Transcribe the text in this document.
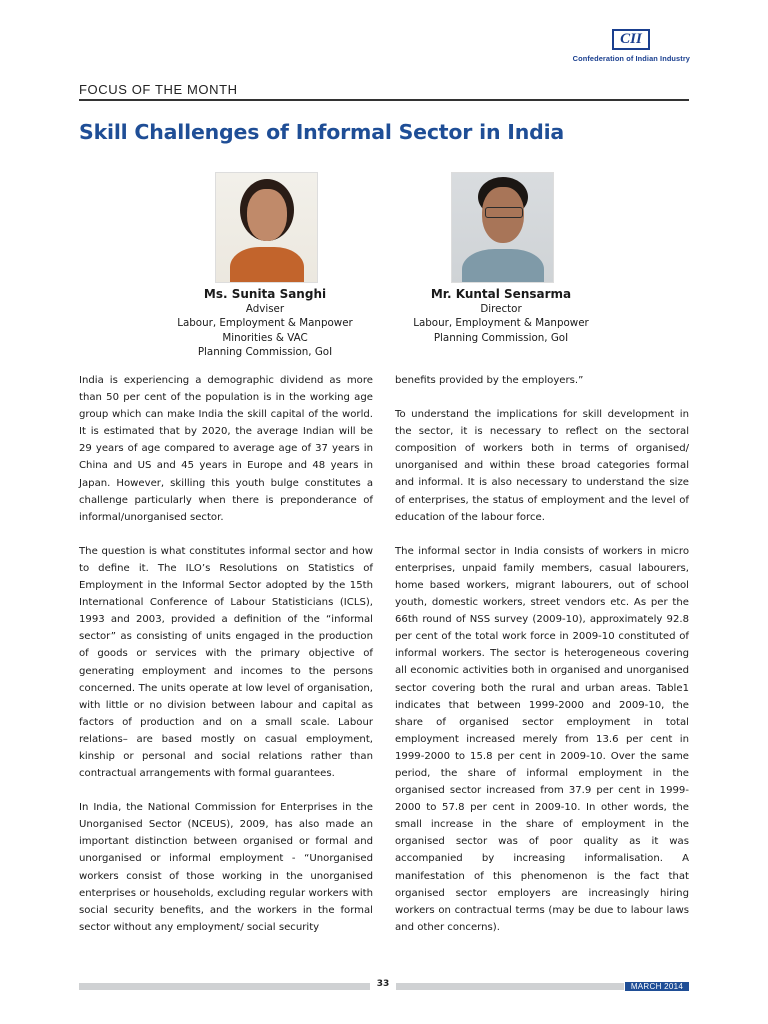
CII
Confederation of Indian Industry
FOCUS OF THE MONTH
Skill Challenges of Informal Sector in India
Ms. Sunita Sanghi
Adviser
Labour, Employment & Manpower
Minorities & VAC
Planning Commission, GoI
Mr. Kuntal Sensarma
Director
Labour, Employment & Manpower
Planning Commission, GoI

India is experiencing a demographic dividend as more than 50 per cent of the population is in the working age group which can make India the skill capital of the world. It is estimated that by 2020, the average Indian will be 29 years of age compared to average age of 37 years in China and US and 45 years in Europe and 48 years in Japan. However, skilling this youth bulge constitutes a challenge particularly when there is preponderance of informal/unorganised sector.

The question is what constitutes informal sector and how to define it. The ILO’s Resolutions on Statistics of Employment in the Informal Sector adopted by the 15th International Conference of Labour Statisticians (ICLS), 1993 and 2003, provided a definition of the “informal sector” as consisting of units engaged in the production of goods or services with the primary objective of generating employment and incomes to the persons concerned. The units operate at low level of organisation, with little or no division between labour and capital as factors of production and on a small scale. Labour relations– are based mostly on casual employment, kinship or personal and social relations rather than contractual arrangements with formal guarantees.

In India, the National Commission for Enterprises in the Unorganised Sector (NCEUS), 2009, has also made an important distinction between organised or formal and unorganised or informal employment - “Unorganised workers consist of those working in the unorganised enterprises or households, excluding regular workers with social security benefits, and the workers in the formal sector without any employment/ social security

benefits provided by the employers.”

To understand the implications for skill development in the sector, it is necessary to reflect on the sectoral composition of workers both in terms of organised/ unorganised and within these broad categories formal and informal. It is also necessary to understand the size of enterprises, the status of employment and the level of education of the labour force.

The informal sector in India consists of workers in micro enterprises, unpaid family members, casual labourers, home based workers, migrant labourers, out of school youth, domestic workers, street vendors etc. As per the 66th round of NSS survey (2009-10), approximately 92.8 per cent of the total work force in 2009-10 constituted of informal workers. The sector is heterogeneous covering all economic activities both in organised and unorganised sector covering both the rural and urban areas. Table1 indicates that between 1999-2000 and 2009-10, the share of organised sector employment in total employment increased merely from 13.6 per cent in 1999-2000 to 15.8 per cent in 2009-10. Over the same period, the share of informal employment in the organised sector increased from 37.9 per cent in 1999-2000 to 57.8 per cent in 2009-10. In other words, the small increase in the share of employment in the organised sector was of poor quality as it was accompanied by increasing informalisation. A manifestation of this phenomenon is the fact that organised sector employers are increasingly hiring workers on contractual terms (may be due to labour laws and other concerns).

33	MARCH 2014
